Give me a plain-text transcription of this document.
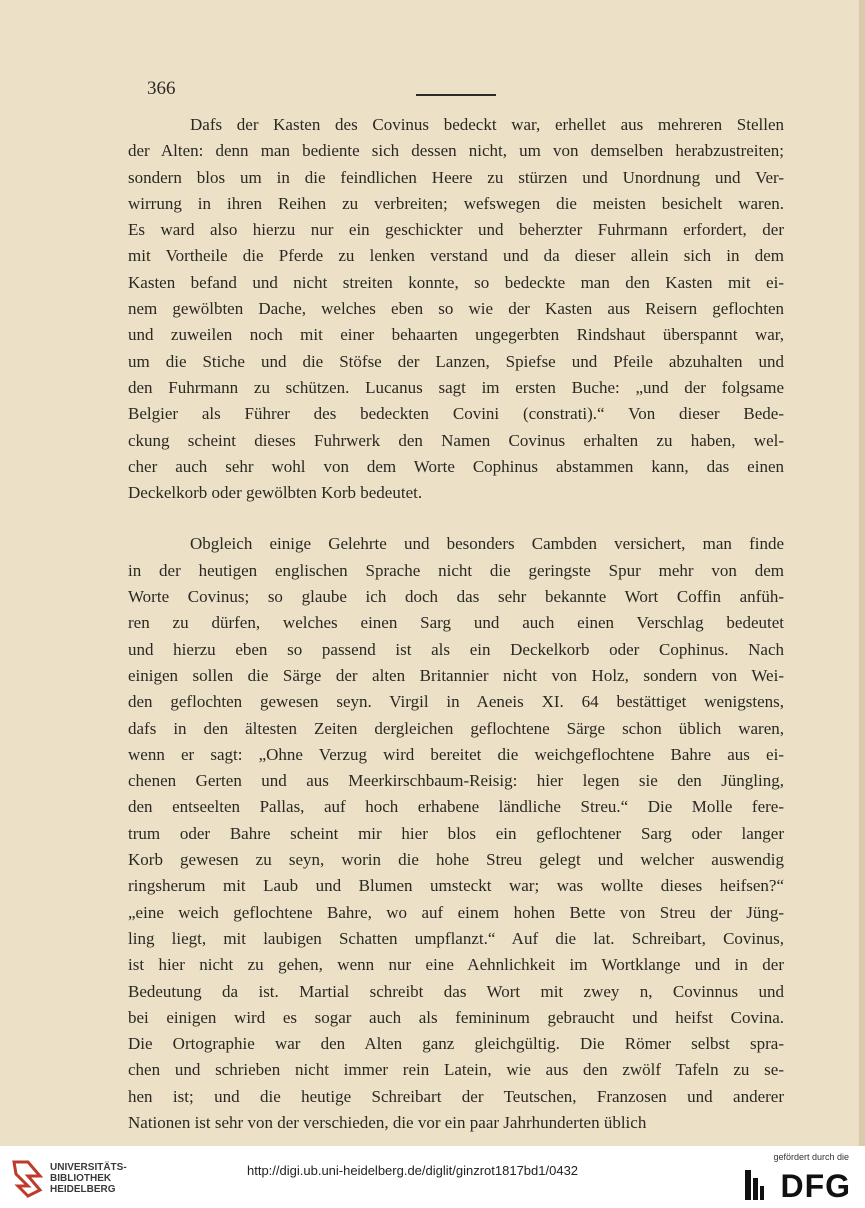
366
Dafs der Kasten des Covinus bedeckt war, erhellet aus mehreren Stellen
der Alten: denn man bediente sich dessen nicht, um von demselben herabzustreiten;
sondern blos um in die feindlichen Heere zu stürzen und Unordnung und Ver-
wirrung in ihren Reihen zu verbreiten; wefswegen die meisten besichelt waren.
Es ward also hierzu nur ein geschickter und beherzter Fuhrmann erfordert, der
mit Vortheile die Pferde zu lenken verstand und da dieser allein sich in dem
Kasten befand und nicht streiten konnte, so bedeckte man den Kasten mit ei-
nem gewölbten Dache, welches eben so wie der Kasten aus Reisern geflochten
und zuweilen noch mit einer behaarten ungegerbten Rindshaut überspannt war,
um die Stiche und die Stöfse der Lanzen, Spiefse und Pfeile abzuhalten und
den Fuhrmann zu schützen. Lucanus sagt im ersten Buche: „und der folgsame
Belgier als Führer des bedeckten Covini (constrati).“ Von dieser Bede-
ckung scheint dieses Fuhrwerk den Namen Covinus erhalten zu haben, wel-
cher auch sehr wohl von dem Worte Cophinus abstammen kann, das einen
Deckelkorb oder gewölbten Korb bedeutet.
Obgleich einige Gelehrte und besonders Cambden versichert, man finde
in der heutigen englischen Sprache nicht die geringste Spur mehr von dem
Worte Covinus; so glaube ich doch das sehr bekannte Wort Coffin anfüh-
ren zu dürfen, welches einen Sarg und auch einen Verschlag bedeutet
und hierzu eben so passend ist als ein Deckelkorb oder Cophinus. Nach
einigen sollen die Särge der alten Britannier nicht von Holz, sondern von Wei-
den geflochten gewesen seyn. Virgil in Aeneis XI. 64 bestättiget wenigstens,
dafs in den ältesten Zeiten dergleichen geflochtene Särge schon üblich waren,
wenn er sagt: „Ohne Verzug wird bereitet die weichgeflochtene Bahre aus ei-
chenen Gerten und aus Meerkirschbaum-Reisig: hier legen sie den Jüngling,
den entseelten Pallas, auf hoch erhabene ländliche Streu.“ Die Molle fere-
trum oder Bahre scheint mir hier blos ein geflochtener Sarg oder langer
Korb gewesen zu seyn, worin die hohe Streu gelegt und welcher auswendig
ringsherum mit Laub und Blumen umsteckt war; was wollte dieses heifsen?“
„eine weich geflochtene Bahre, wo auf einem hohen Bette von Streu der Jüng-
ling liegt, mit laubigen Schatten umpflanzt.“ Auf die lat. Schreibart, Covinus,
ist hier nicht zu gehen, wenn nur eine Aehnlichkeit im Wortklange und in der
Bedeutung da ist. Martial schreibt das Wort mit zwey n, Covinnus und
bei einigen wird es sogar auch als femininum gebraucht und heifst Covina.
Die Ortographie war den Alten ganz gleichgültig. Die Römer selbst spra-
chen und schrieben nicht immer rein Latein, wie aus den zwölf Tafeln zu se-
hen ist; und die heutige Schreibart der Teutschen, Franzosen und anderer
Nationen ist sehr von der verschieden, die vor ein paar Jahrhunderten üblich
UNIVERSITÄTS-
BIBLIOTHEK
HEIDELBERG
http://digi.ub.uni-heidelberg.de/diglit/ginzrot1817bd1/0432
gefördert durch die
DFG
